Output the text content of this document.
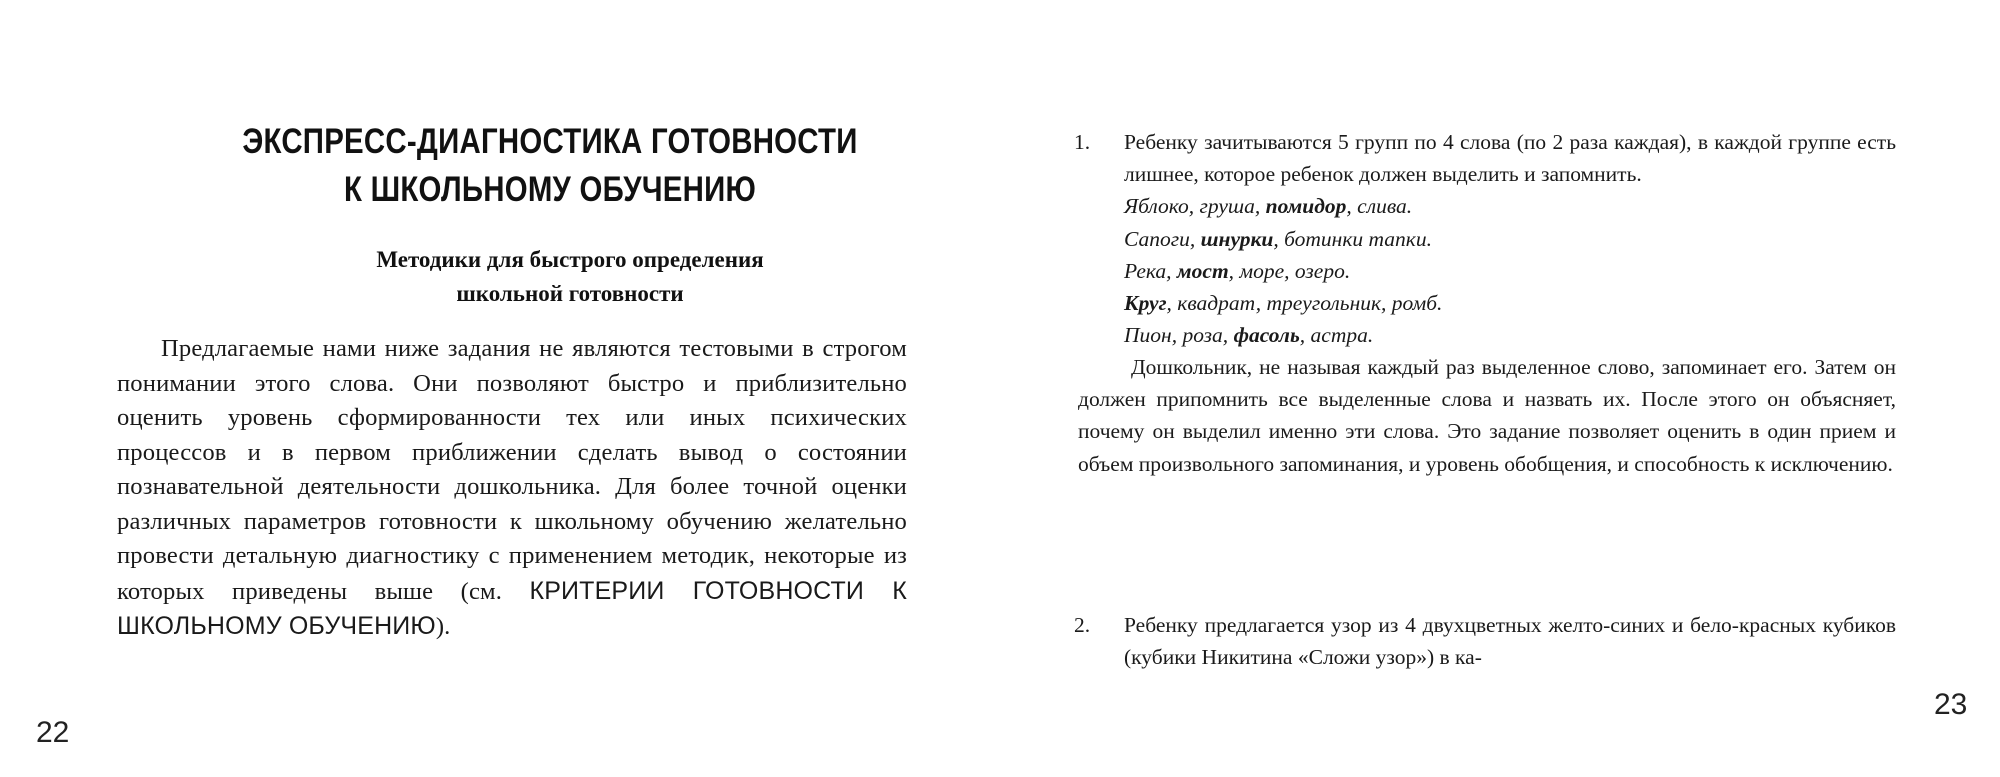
ЭКСПРЕСС-ДИАГНОСТИКА ГОТОВНОСТИ
К ШКОЛЬНОМУ ОБУЧЕНИЮ
Методики для быстрого определения
школьной готовности

Предлагаемые нами ниже задания не являются тестовыми в строгом понимании этого слова. Они позволяют быстро и приблизительно оценить уровень сформированности тех или иных психических процессов и в первом приближении сделать вывод о состоянии познавательной деятельности дошкольника. Для более точной оценки различных параметров готовности к школьному обучению желательно провести детальную диагностику с применением методик, некоторые из которых приведены выше (см. КРИТЕРИИ ГОТОВНОСТИ К ШКОЛЬНОМУ ОБУЧЕНИЮ).

22
1. Ребенку зачитываются 5 групп по 4 слова (по 2 раза каждая), в каждой группе есть лишнее, которое ребенок должен выделить и запомнить.

Яблоко, груша, помидор, слива.
Сапоги, шнурки, ботинки тапки.
Река, мост, море, озеро.
Круг, квадрат, треугольник, ромб.
Пион, роза, фасоль, астра.

Дошкольник, не называя каждый раз выделенное слово, запоминает его. Затем он должен припомнить все выделенные слова и назвать их. После этого он объясняет, почему он выделил именно эти слова. Это задание позволяет оценить в один прием и объем произвольного запоминания, и уровень обобщения, и способность к исключению.

2. Ребенку предлагается узор из 4 двухцветных желто-синих и бело-красных кубиков (кубики Никитина «Сложи узор») в ка-

23
